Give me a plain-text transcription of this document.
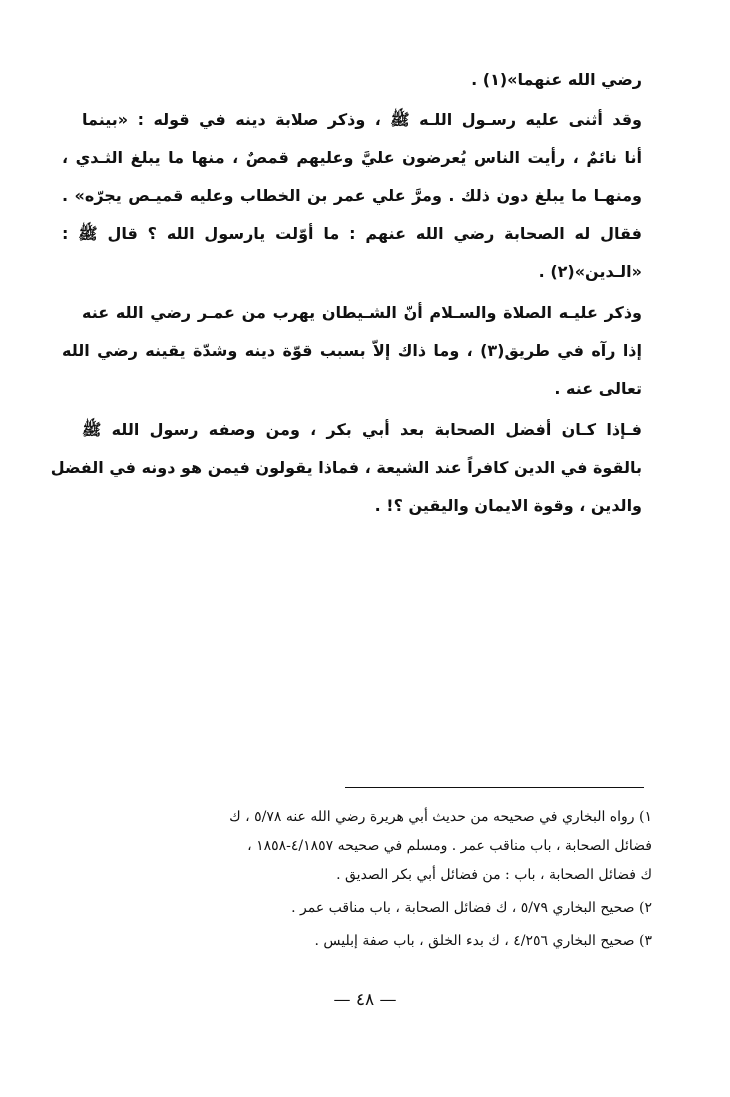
رضي الله عنهما»(١) .
وقد أثنى عليه رسـول اللـه ﷺ ، وذكر صلابة دينه في قوله : «بينما
أنا نائمٌ ، رأيت الناس يُعرضون عليَّ وعليهم قمصٌ ، منها ما يبلغ الثـدي ،
ومنهـا ما يبلغ دون ذلك . ومرَّ علي عمر بن الخطاب وعليه قميـص يجرّه» .
فقال له الصحابة رضي الله عنهم : ما أوّلت يارسول الله ؟ قال ﷺ :
«الـدين»(٢) .
وذكر عليـه الصلاة والسـلام أنّ الشـيطان يهرب من عمـر رضي الله عنه
إذا رآه في طريق(٣) ، وما ذاك إلاّ بسبب قوّة دينه وشدّة يقينه رضي الله
تعالى عنه .
فـإذا كـان أفضل الصحابة بعد أبي بكر ، ومن وصفه رسول الله ﷺ
بالقوة في الدين كافراً عند الشيعة ، فماذا يقولون فيمن هو دونه في الفضل
والدين ، وقوة الايمان واليقين ؟! .
١) رواه البخاري في صحيحه من حديث أبي هريرة رضي الله عنه ٥/٧٨ ، ك
فضائل الصحابة ، باب مناقب عمر . ومسلم في صحيحه ٤/١٨٥٧-١٨٥٨ ،
ك فضائل الصحابة ، باب : من فضائل أبي بكر الصديق .
٢) صحيح البخاري ٥/٧٩ ، ك فضائل الصحابة ، باب مناقب عمر .
٣) صحيح البخاري ٤/٢٥٦ ، ك بدء الخلق ، باب صفة إبليس .
— ٤٨ —
